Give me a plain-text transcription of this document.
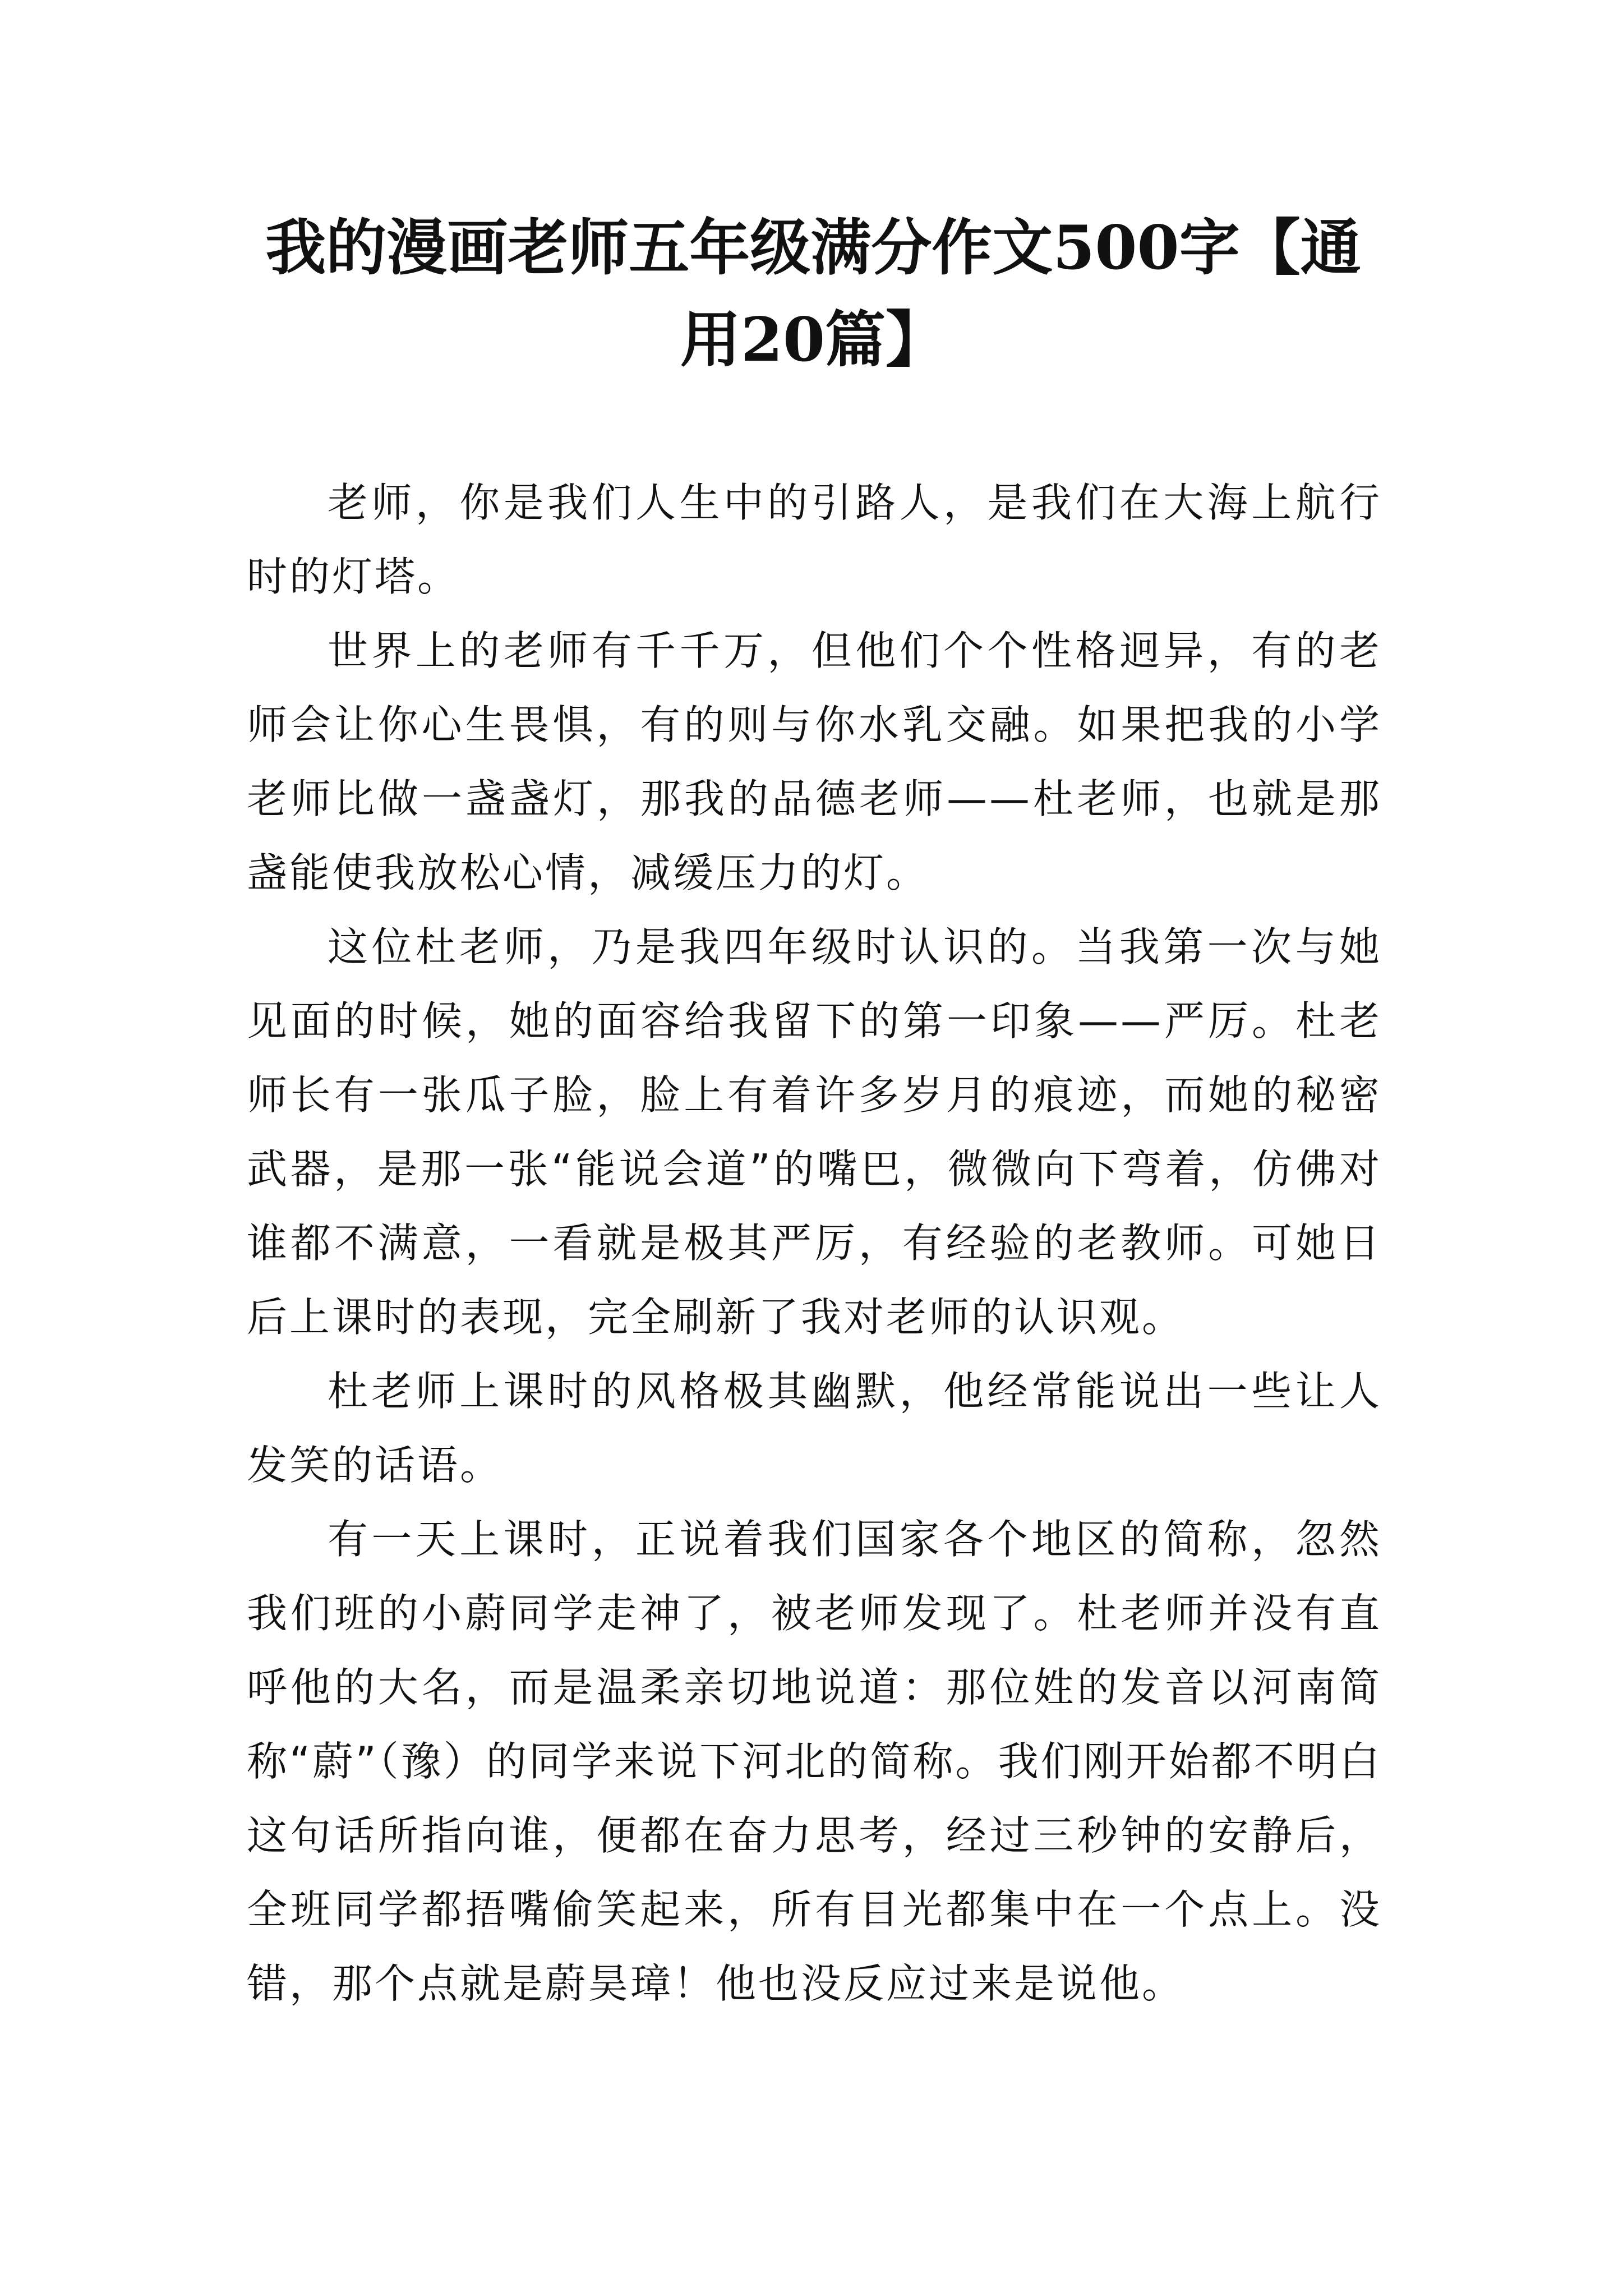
我的漫画老师五年级满分作文500字【通用20篇】

老师，你是我们人生中的引路人，是我们在大海上航行时的灯塔。

世界上的老师有千千万，但他们个个性格迥异，有的老师会让你心生畏惧，有的则与你水乳交融。如果把我的小学老师比做一盏盏灯，那我的品德老师——杜老师，也就是那盏能使我放松心情，减缓压力的灯。

这位杜老师，乃是我四年级时认识的。当我第一次与她见面的时候，她的面容给我留下的第一印象——严厉。杜老师长有一张瓜子脸，脸上有着许多岁月的痕迹，而她的秘密武器，是那一张“能说会道”的嘴巴，微微向下弯着，仿佛对谁都不满意，一看就是极其严厉，有经验的老教师。可她日后上课时的表现，完全刷新了我对老师的认识观。

杜老师上课时的风格极其幽默，他经常能说出一些让人发笑的话语。

有一天上课时，正说着我们国家各个地区的简称，忽然我们班的小蔚同学走神了，被老师发现了。杜老师并没有直呼他的大名，而是温柔亲切地说道：那位姓的发音以河南简称“蔚”（豫）的同学来说下河北的简称。我们刚开始都不明白这句话所指向谁，便都在奋力思考，经过三秒钟的安静后，全班同学都捂嘴偷笑起来，所有目光都集中在一个点上。没错，那个点就是蔚昊璋！他也没反应过来是说他。
